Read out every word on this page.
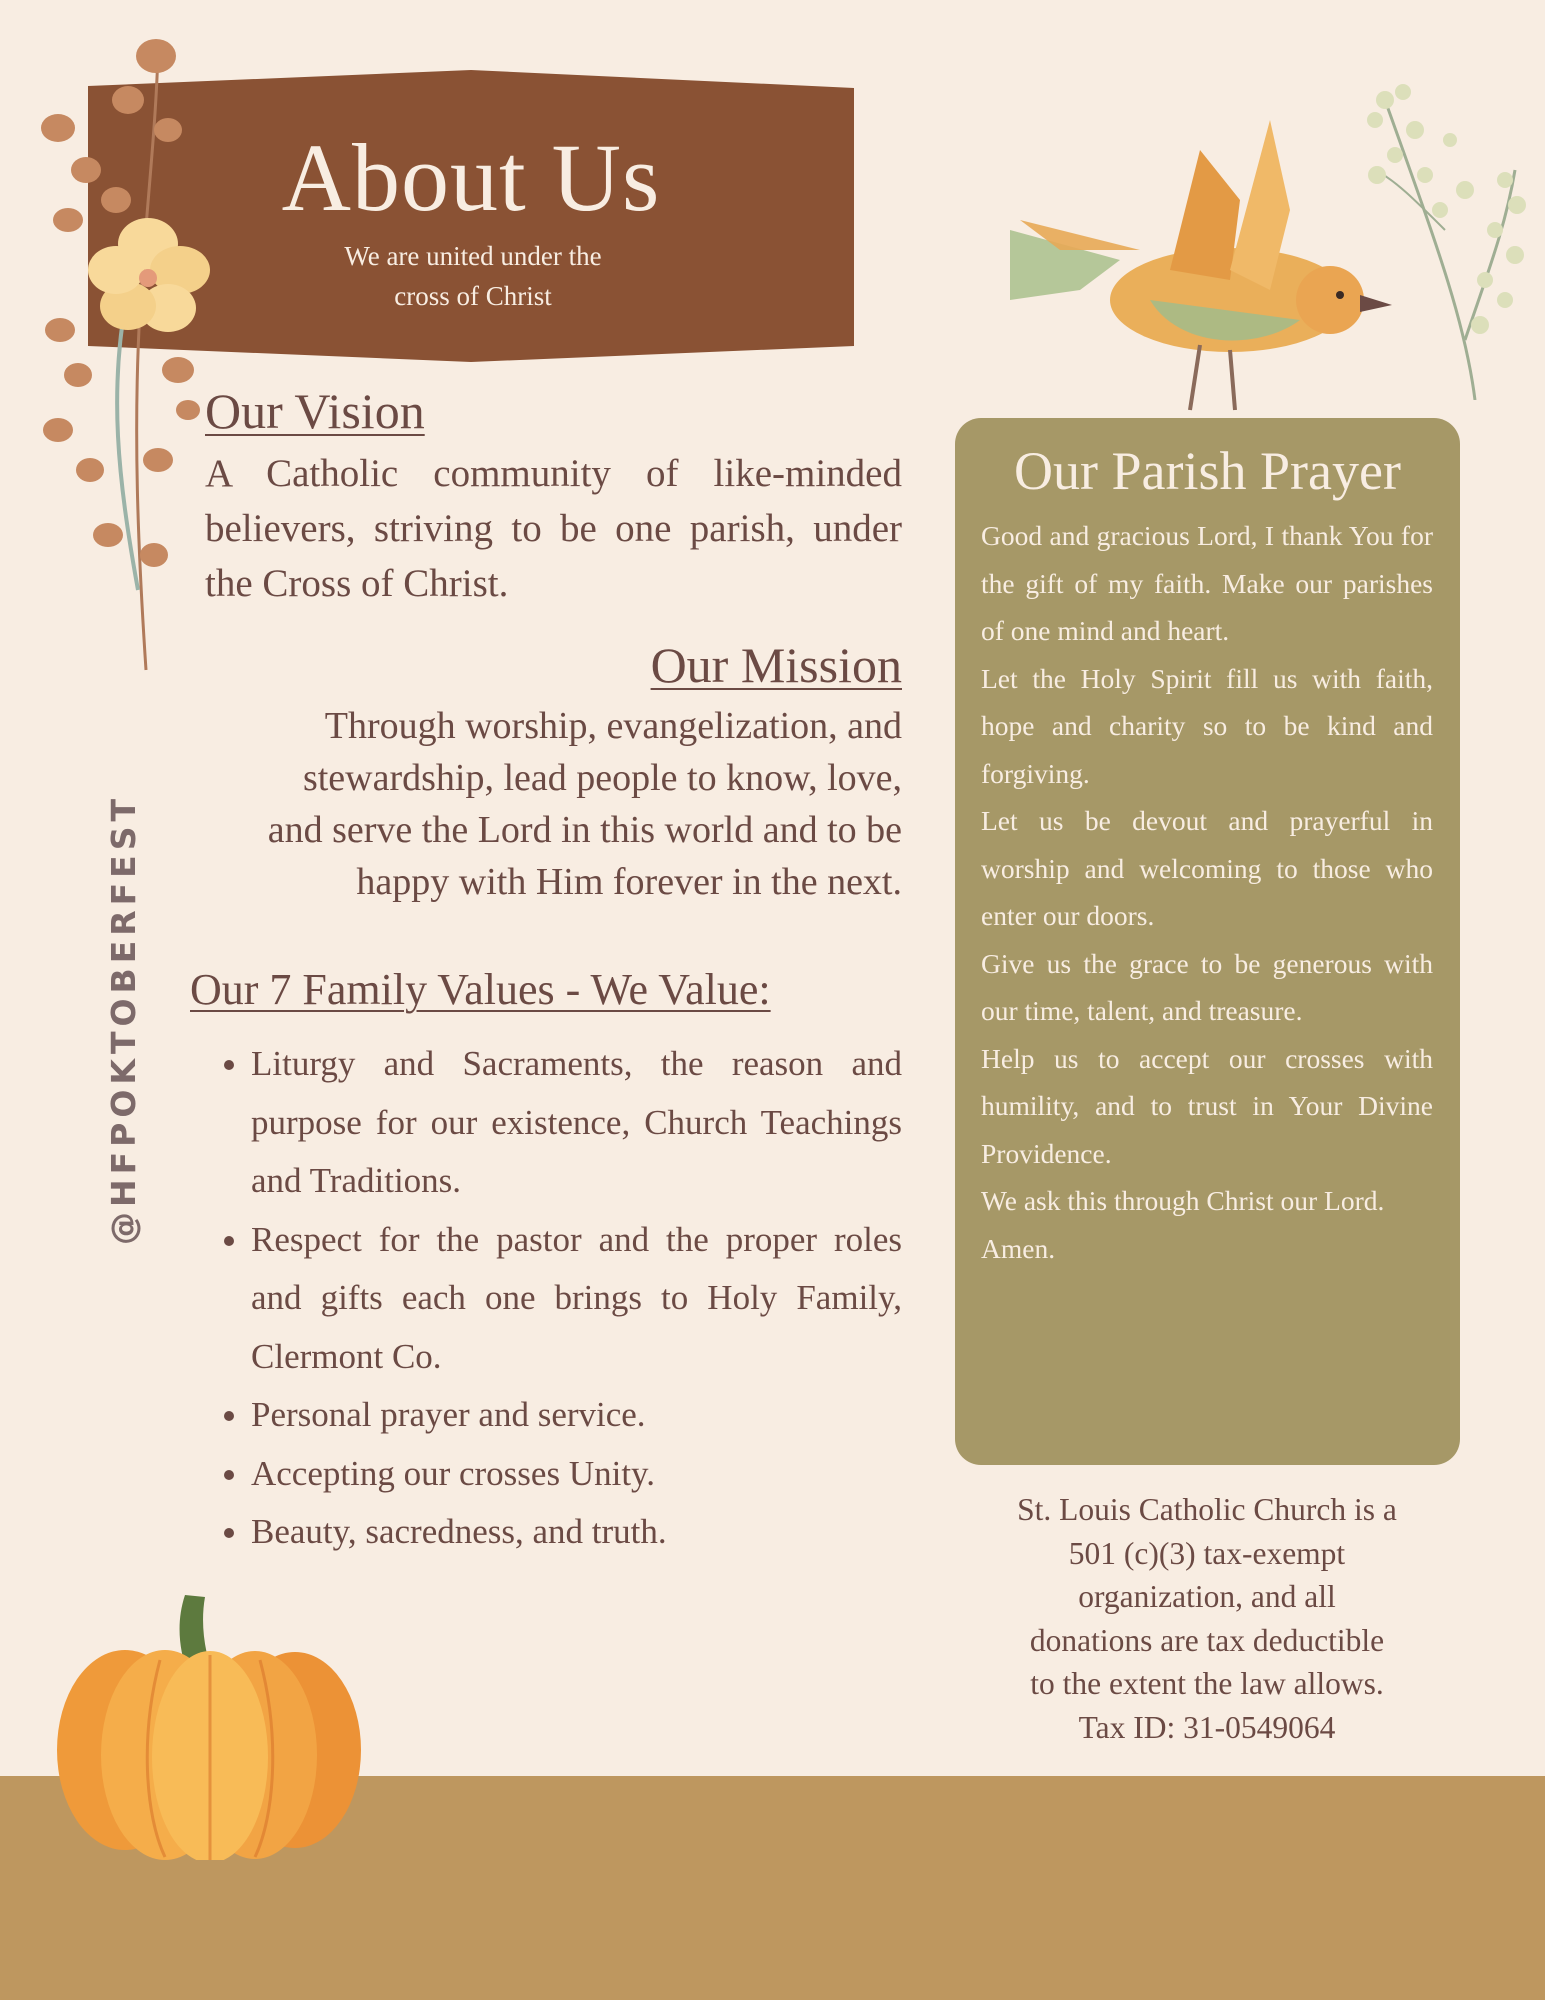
About Us
We are united under the
cross of Christ
Our Vision

A Catholic community of like-minded believers, striving to be one parish, under the Cross of Christ.

Our Mission
Through worship, evangelization, and
stewardship, lead people to know, love,
and serve the Lord in this world and to be
happy with Him forever in the next.
Our 7 Family Values - We Value:
• Liturgy and Sacraments, the reason and purpose for our existence, Church Teachings and Traditions.
• Respect for the pastor and the proper roles and gifts each one brings to Holy Family, Clermont Co.
• Personal prayer and service.
• Accepting our crosses Unity.
• Beauty, sacredness, and truth.
@HFPOKTOBERFEST
Our Parish Prayer

Good and gracious Lord, I thank You for the gift of my faith. Make our parishes of one mind and heart.

Let the Holy Spirit fill us with faith, hope and charity so to be kind and forgiving.

Let us be devout and prayerful in worship and welcoming to those who enter our doors.

Give us the grace to be generous with our time, talent, and treasure.

Help us to accept our crosses with humility, and to trust in Your Divine Providence.

We ask this through Christ our Lord.

Amen.

St. Louis Catholic Church is a
501 (c)(3) tax-exempt
organization, and all
donations are tax deductible
to the extent the law allows.
Tax ID: 31-0549064
